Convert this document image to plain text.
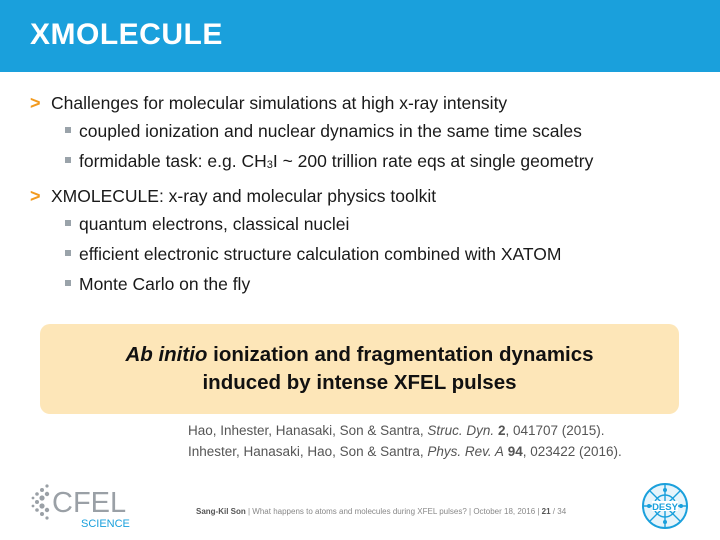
XMOLECULE
> Challenges for molecular simulations at high x-ray intensity
coupled ionization and nuclear dynamics in the same time scales
formidable task: e.g. $CH_3I$ ~ 200 trillion rate eqs at single geometry
> XMOLECULE: x-ray and molecular physics toolkit
quantum electrons, classical nuclei
efficient electronic structure calculation combined with XATOM
Monte Carlo on the fly
Ab initio ionization and fragmentation dynamics
induced by intense XFEL pulses
Hao, Inhester, Hanasaki, Son & Santra, Struc. Dyn. 2, 041707 (2015).
Inhester, Hanasaki, Hao, Son & Santra, Phys. Rev. A 94, 023422 (2016).
CFEL
SCIENCE
Sang-Kil Son | What happens to atoms and molecules during XFEL pulses? | October 18, 2016 | 21 / 34	DESY
